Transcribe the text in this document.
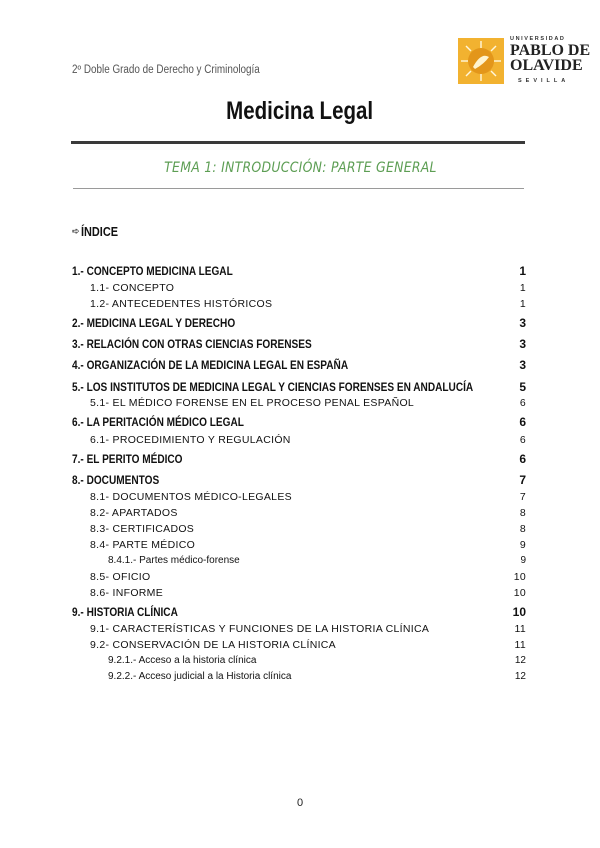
2º Doble Grado de Derecho y Criminología
UNIVERSIDAD
PABLO DE
OLAVIDE
SEVILLA
Medicina Legal
TEMA 1: INTRODUCCIÓN: PARTE GENERAL
➪ ÍNDICE
1.- CONCEPTO MEDICINA LEGAL	1
1.1- CONCEPTO	1
1.2- ANTECEDENTES HISTÓRICOS	1
2.- MEDICINA LEGAL Y DERECHO	3
3.- RELACIÓN CON OTRAS CIENCIAS FORENSES	3
4.- ORGANIZACIÓN DE LA MEDICINA LEGAL EN ESPAÑA	3
5.- LOS INSTITUTOS DE MEDICINA LEGAL Y CIENCIAS FORENSES EN ANDALUCÍA	5
5.1- EL MÉDICO FORENSE EN EL PROCESO PENAL ESPAÑOL	6
6.- LA PERITACIÓN MÉDICO LEGAL	6
6.1- PROCEDIMIENTO Y REGULACIÓN	6
7.- EL PERITO MÉDICO	6
8.- DOCUMENTOS	7
8.1- DOCUMENTOS MÉDICO-LEGALES	7
8.2- APARTADOS	8
8.3- CERTIFICADOS	8
8.4- PARTE MÉDICO	9
8.4.1.- Partes médico-forense	9
8.5- OFICIO	10
8.6- INFORME	10
9.- HISTORIA CLÍNICA	10
9.1- CARACTERÍSTICAS Y FUNCIONES DE LA HISTORIA CLÍNICA	11
9.2- CONSERVACIÓN DE LA HISTORIA CLÍNICA	11
9.2.1.- Acceso a la historia clínica	12
9.2.2.- Acceso judicial a la Historia clínica	12
0
